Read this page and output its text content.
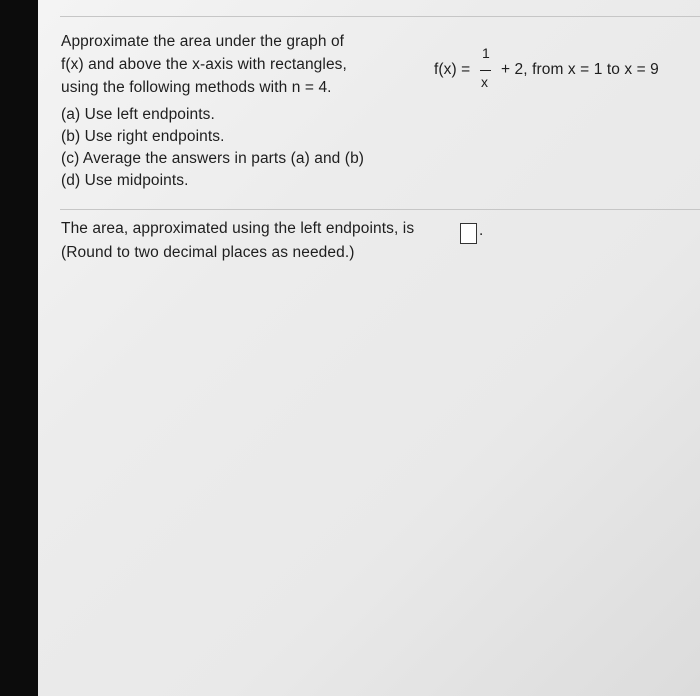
Approximate the area under the graph of
f(x) and above the x-axis with rectangles,
using the following methods with n = 4.
f(x) =
1
x
+ 2, from x = 1 to x = 9
(a) Use left endpoints.
(b) Use right endpoints.
(c) Average the answers in parts (a) and (b)
(d) Use midpoints.
The area, approximated using the left endpoints, is	.
(Round to two decimal places as needed.)
